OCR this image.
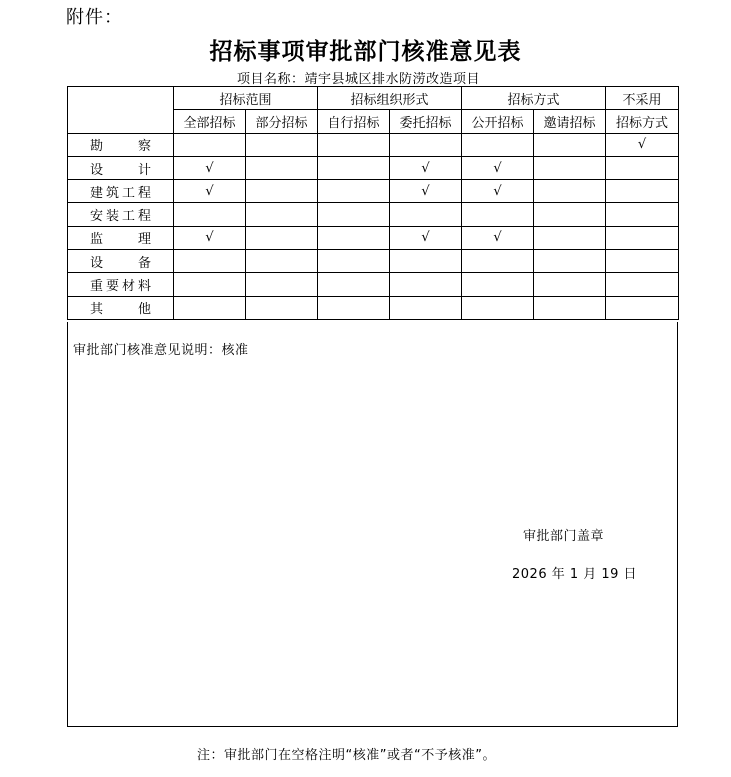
附件：
招标事项审批部门核准意见表
项目名称：靖宇县城区排水防涝改造项目
	招标范围		招标组织形式		招标方式		不采用
	全部招标	部分招标	自行招标	委托招标	公开招标	邀请招标	招标方式
勘察							√
设计	√			√	√		
建筑工程	√			√	√		
安装工程							
监理	√			√	√		
设备							
重要材料							
其他							
审批部门核准意见说明：核准
审批部门盖章
2026 年 1 月 19 日
注：审批部门在空格注明“核准”或者“不予核准”。
